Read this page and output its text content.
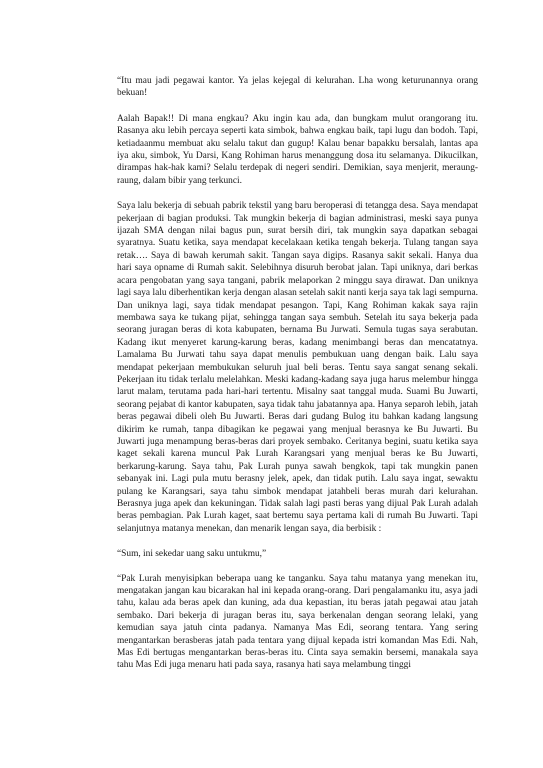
“Itu mau jadi pegawai kantor. Ya jelas kejegal di kelurahan. Lha wong keturunannya orang bekuan!

Aalah Bapak!! Di mana engkau? Aku ingin kau ada, dan bungkam mulut orangorang itu. Rasanya aku lebih percaya seperti kata simbok, bahwa engkau baik, tapi lugu dan bodoh. Tapi, ketiadaanmu membuat aku selalu takut dan gugup! Kalau benar bapakku bersalah, lantas apa iya aku, simbok, Yu Darsi, Kang Rohiman harus menanggung dosa itu selamanya. Dikucilkan, dirampas hak-hak kami? Selalu terdepak di negeri sendiri. Demikian, saya menjerit, meraung-raung, dalam bibir yang terkunci.

Saya lalu bekerja di sebuah pabrik tekstil yang baru beroperasi di tetangga desa. Saya mendapat pekerjaan di bagian produksi. Tak mungkin bekerja di bagian administrasi, meski saya punya ijazah SMA dengan nilai bagus pun, surat bersih diri, tak mungkin saya dapatkan sebagai syaratnya. Suatu ketika, saya mendapat kecelakaan ketika tengah bekerja. Tulang tangan saya retak…. Saya di bawah kerumah sakit. Tangan saya digips. Rasanya sakit sekali. Hanya dua hari saya opname di Rumah sakit. Selebihnya disuruh berobat jalan. Tapi uniknya, dari berkas acara pengobatan yang saya tangani, pabrik melaporkan 2 minggu saya dirawat. Dan uniknya lagi saya lalu diberhentikan kerja dengan alasan setelah sakit nanti kerja saya tak lagi sempurna. Dan uniknya lagi, saya tidak mendapat pesangon. Tapi, Kang Rohiman kakak saya rajin membawa saya ke tukang pijat, sehingga tangan saya sembuh. Setelah itu saya bekerja pada seorang juragan beras di kota kabupaten, bernama Bu Jurwati. Semula tugas saya serabutan. Kadang ikut menyeret karung-karung beras, kadang menimbangi beras dan mencatatnya. Lamalama Bu Jurwati tahu saya dapat menulis pembukuan uang dengan baik. Lalu saya mendapat pekerjaan membukukan seluruh jual beli beras. Tentu saya sangat senang sekali. Pekerjaan itu tidak terlalu melelahkan. Meski kadang-kadang saya juga harus melembur hingga larut malam, terutama pada hari-hari tertentu. Misalny saat tanggal muda. Suami Bu Juwarti, seorang pejabat di kantor kabupaten, saya tidak tahu jabatannya apa. Hanya separoh lebih, jatah beras pegawai dibeli oleh Bu Juwarti. Beras dari gudang Bulog itu bahkan kadang langsung dikirim ke rumah, tanpa dibagikan ke pegawai yang menjual berasnya ke Bu Juwarti. Bu Juwarti juga menampung beras-beras dari proyek sembako. Ceritanya begini, suatu ketika saya kaget sekali karena muncul Pak Lurah Karangsari yang menjual beras ke Bu Juwarti, berkarung-karung. Saya tahu, Pak Lurah punya sawah bengkok, tapi tak mungkin panen sebanyak ini. Lagi pula mutu berasny jelek, apek, dan tidak putih. Lalu saya ingat, sewaktu pulang ke Karangsari, saya tahu simbok mendapat jatahbeli beras murah dari kelurahan. Berasnya juga apek dan kekuningan. Tidak salah lagi pasti beras yang dijual Pak Lurah adalah beras pembagian. Pak Lurah kaget, saat bertemu saya pertama kali di rumah Bu Juwarti. Tapi selanjutnya matanya menekan, dan menarik lengan saya, dia berbisik :

“Sum, ini sekedar uang saku untukmu,”

“Pak Lurah menyisipkan beberapa uang ke tanganku. Saya tahu matanya yang menekan itu, mengatakan jangan kau bicarakan hal ini kepada orang-orang. Dari pengalamanku itu, asya jadi tahu, kalau ada beras apek dan kuning, ada dua kepastian, itu beras jatah pegawai atau jatah sembako. Dari bekerja di juragan beras itu, saya berkenalan dengan seorang lelaki, yang kemudian saya jatuh cinta padanya. Namanya Mas Edi, seorang tentara. Yang sering mengantarkan berasberas jatah pada tentara yang dijual kepada istri komandan Mas Edi. Nah, Mas Edi bertugas mengantarkan beras-beras itu. Cinta saya semakin bersemi, manakala saya tahu Mas Edi juga menaru hati pada saya, rasanya hati saya melambung tinggi
